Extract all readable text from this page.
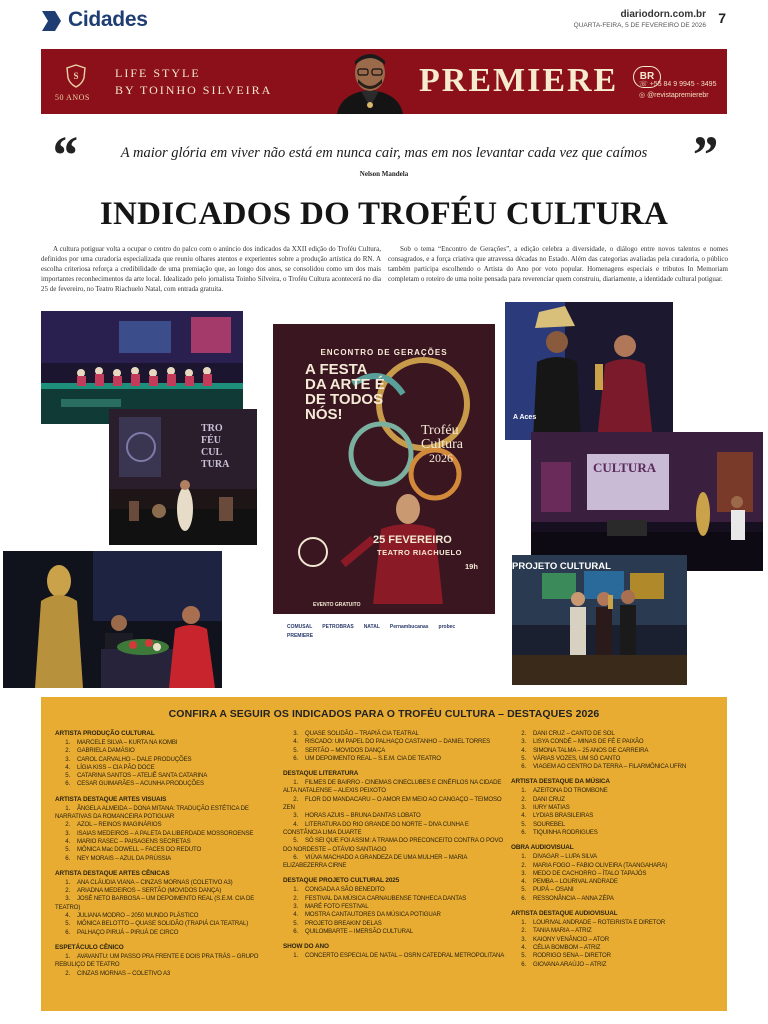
Cidades	diariodorn.com.br
QUARTA-FEIRA, 5 DE FEVEREIRO DE 2026 7
S
50 ANOS
LIFE STYLE
BY TOINHO SILVEIRA	PREMIERE	BR
☏ +55 84 9 9945 - 3495
◎ @revistapremierebr
“	A maior glória em viver não está em nunca cair, mas em nos levantar cada vez que caímos ”
Nelson Mandela
INDICADOS DO TROFÉU CULTURA

A cultura potiguar volta a ocupar o centro do palco com o anúncio dos indicados da XXII edição do Troféu Cultura, definidos por uma curadoria especializada que reuniu olhares atentos e experientes sobre a produção artística do RN. A escolha criteriosa reforça a credibilidade de uma premiação que, ao longo dos anos, se consolidou como um dos mais importantes reconhecimentos da arte local. Idealizado pelo jornalista Toinho Silveira, o Troféu Cultura acontecerá no dia 25 de fevereiro, no Teatro Riachuelo Natal, com entrada gratuita.

Sob o tema “Encontro de Gerações”, a edição celebra a diversidade, o diálogo entre novos talentos e nomes consagrados, e a força criativa que atravessa décadas no Estado. Além das categorias avaliadas pela curadoria, o público também participa escolhendo o Artista do Ano por voto popular. Homenagens especiais e tributos In Memoriam completam o roteiro de uma noite pensada para reverenciar quem construiu, diariamente, a identidade cultural potiguar.

TRO
FÉU
CUL
TURA
ENCONTRO DE GERAÇÕES
A FESTA
DA ARTE É
DE TODOS
NÓS!
Troféu
Cultura
2026
25 FEVEREIRO
TEATRO RIACHUELO
19h
EVENTO GRATUITO
COMUSAL PETROBRAS NATAL Pernambucanas probec
PREMIERE
A Aces
CULTURA
PROJETO CULTURAL
CONFIRA A SEGUIR OS INDICADOS PARA O TROFÉU CULTURA – DESTAQUES 2026
ARTISTA PRODUÇÃO CULTURAL
1. MARCELE SILVA – KURTA NA KOMBI
2. GABRIELA DAMÁSIO
3. CAROL CARVALHO – DALE PRODUÇÕES
4. LÍGIA KISS – CIA PÃO DOCE
5. CATARINA SANTOS – ATELIÊ SANTA CATARINA
6. CESAR GUIMARÃES – ACUNHA PRODUÇÕES
ARTISTA DESTAQUE ARTES VISUAIS
1. ÂNGELA ALMEIDA – DONA MITANA: TRADUÇÃO ESTÉTICA DE NARRATIVAS DA ROMANCEIRA POTIGUAR
2. AZOL – REINOS IMAGINÁRIOS
3. ISAIAS MEDEIROS – A PALETA DA LIBERDADE MOSSOROENSE
4. MARIO RASEC – PAISAGENS SECRETAS
5. MÔNICA Mac DOWELL – FACES DO REDUTO
6. NEY MORAIS – AZUL DA PRÚSSIA
ARTISTA DESTAQUE ARTES CÊNICAS
1. ANA CLÁUDIA VIANA – CINZAS MORNAS (COLETIVO A3)
2. ARIADNA MEDEIROS – SERTÃO (MOVIDOS DANÇA)
3. JOSÉ NETO BARBOSA – UM DEPOIMENTO REAL (S.E.M. CIA DE TEATRO)
4. JULIANA MODRO – 2050 MUNDO PLÁSTICO
5. MÔNICA BELOTTO – QUASE SOLIDÃO (TRAPIÁ CIA TEATRAL)
6. PALHAÇO PIRUÁ – PIRUÁ DE CIRCO
ESPETÁCULO CÊNICO
1. AVAVANTU: UM PASSO PRA FRENTE E DOIS PRA TRÁS – GRUPO REBULIÇO DE TEATRO
2. CINZAS MORNAS – COLETIVO A3
3. QUASE SOLIDÃO – TRAPIÁ CIA TEATRAL
4. RISCADO: UM PAPEL DO PALHAÇO CASTANHO – DANIEL TORRES
5. SERTÃO – MOVIDOS DANÇA
6. UM DEPOIMENTO REAL – S.E.M. CIA DE TEATRO
DESTAQUE LITERATURA
1. FILMES DE BAIRRO - CINEMAS CINECLUBES E CINÉFILOS NA CIDADE ALTA NATALENSE – ALEXIS PEIXOTO
2. FLOR DO MANDACARU – O AMOR EM MEIO AO CANGAÇO – TEIMOSO ZEN
3. HORAS AZUIS – BRUNA DANTAS LOBATO
4. LITERATURA DO RIO GRANDE DO NORTE – DIVA CUNHA E CONSTÂNCIA LIMA DUARTE
5. SÓ SEI QUE FOI ASSIM: A TRAMA DO PRECONCEITO CONTRA O POVO DO NORDESTE – OTÁVIO SANTIAGO
6. VIÚVA MACHADO A GRANDEZA DE UMA MULHER – MARIA ELIZABEZERRA CIRNE
DESTAQUE PROJETO CULTURAL 2025
1. CONGADA A SÃO BENEDITO
2. FESTIVAL DA MÚSICA CARNAUBENSE TONHECA DANTAS
3. MARÉ FOTO FESTIVAL
4. MOSTRA CANTAUTORES DA MÚSICA POTIGUAR
5. PROJETO BREAKIN' DELAS
6. QUILOMBARTE – IMERSÃO CULTURAL
SHOW DO ANO
1. CONCERTO ESPECIAL DE NATAL – OSRN CATEDRAL METROPOLITANA
2. DANI CRUZ – CANTO DE SOL
3. LISYA CONDÉ – MINAS DE FÉ E PAIXÃO
4. SIMONA TALMA – 25 ANOS DE CARREIRA
5. VÁRIAS VOZES, UM SÓ CANTO
6. VIAGEM AO CENTRO DA TERRA – FILARMÔNICA UFRN
ARTISTA DESTAQUE DA MÚSICA
1. AZEITONA DO TROMBONE
2. DANI CRUZ
3. IURY MATIAS
4. LYDIAS BRASILEIRAS
5. SOUREBEL
6. TIQUINHA RODRIGUES
OBRA AUDIOVISUAL
1. DIVAGAR – LUPA SILVA
2. MARIA FOGO – FABIO OLIVEIRA (TAANGAHARA)
3. MEDO DE CACHORRO – ÍTALO TAPAJÓS
4. PEMBA – LOURIVAL ANDRADE
5. PUPÁ – OSANI
6. RESSONÂNCIA – ANNA ZÉPA
ARTISTA DESTAQUE AUDIOVISUAL
1. LOURIVAL ANDRADE – ROTEIRISTA E DIRETOR
2. TANIA MARIA – ATRIZ
3. KAIONY VENÂNCIO – ATOR
4. CÉLIA BOMBOM – ATRIZ
5. RODRIGO SENA – DIRETOR
6. GIOVANA ARAÚJO – ATRIZ
